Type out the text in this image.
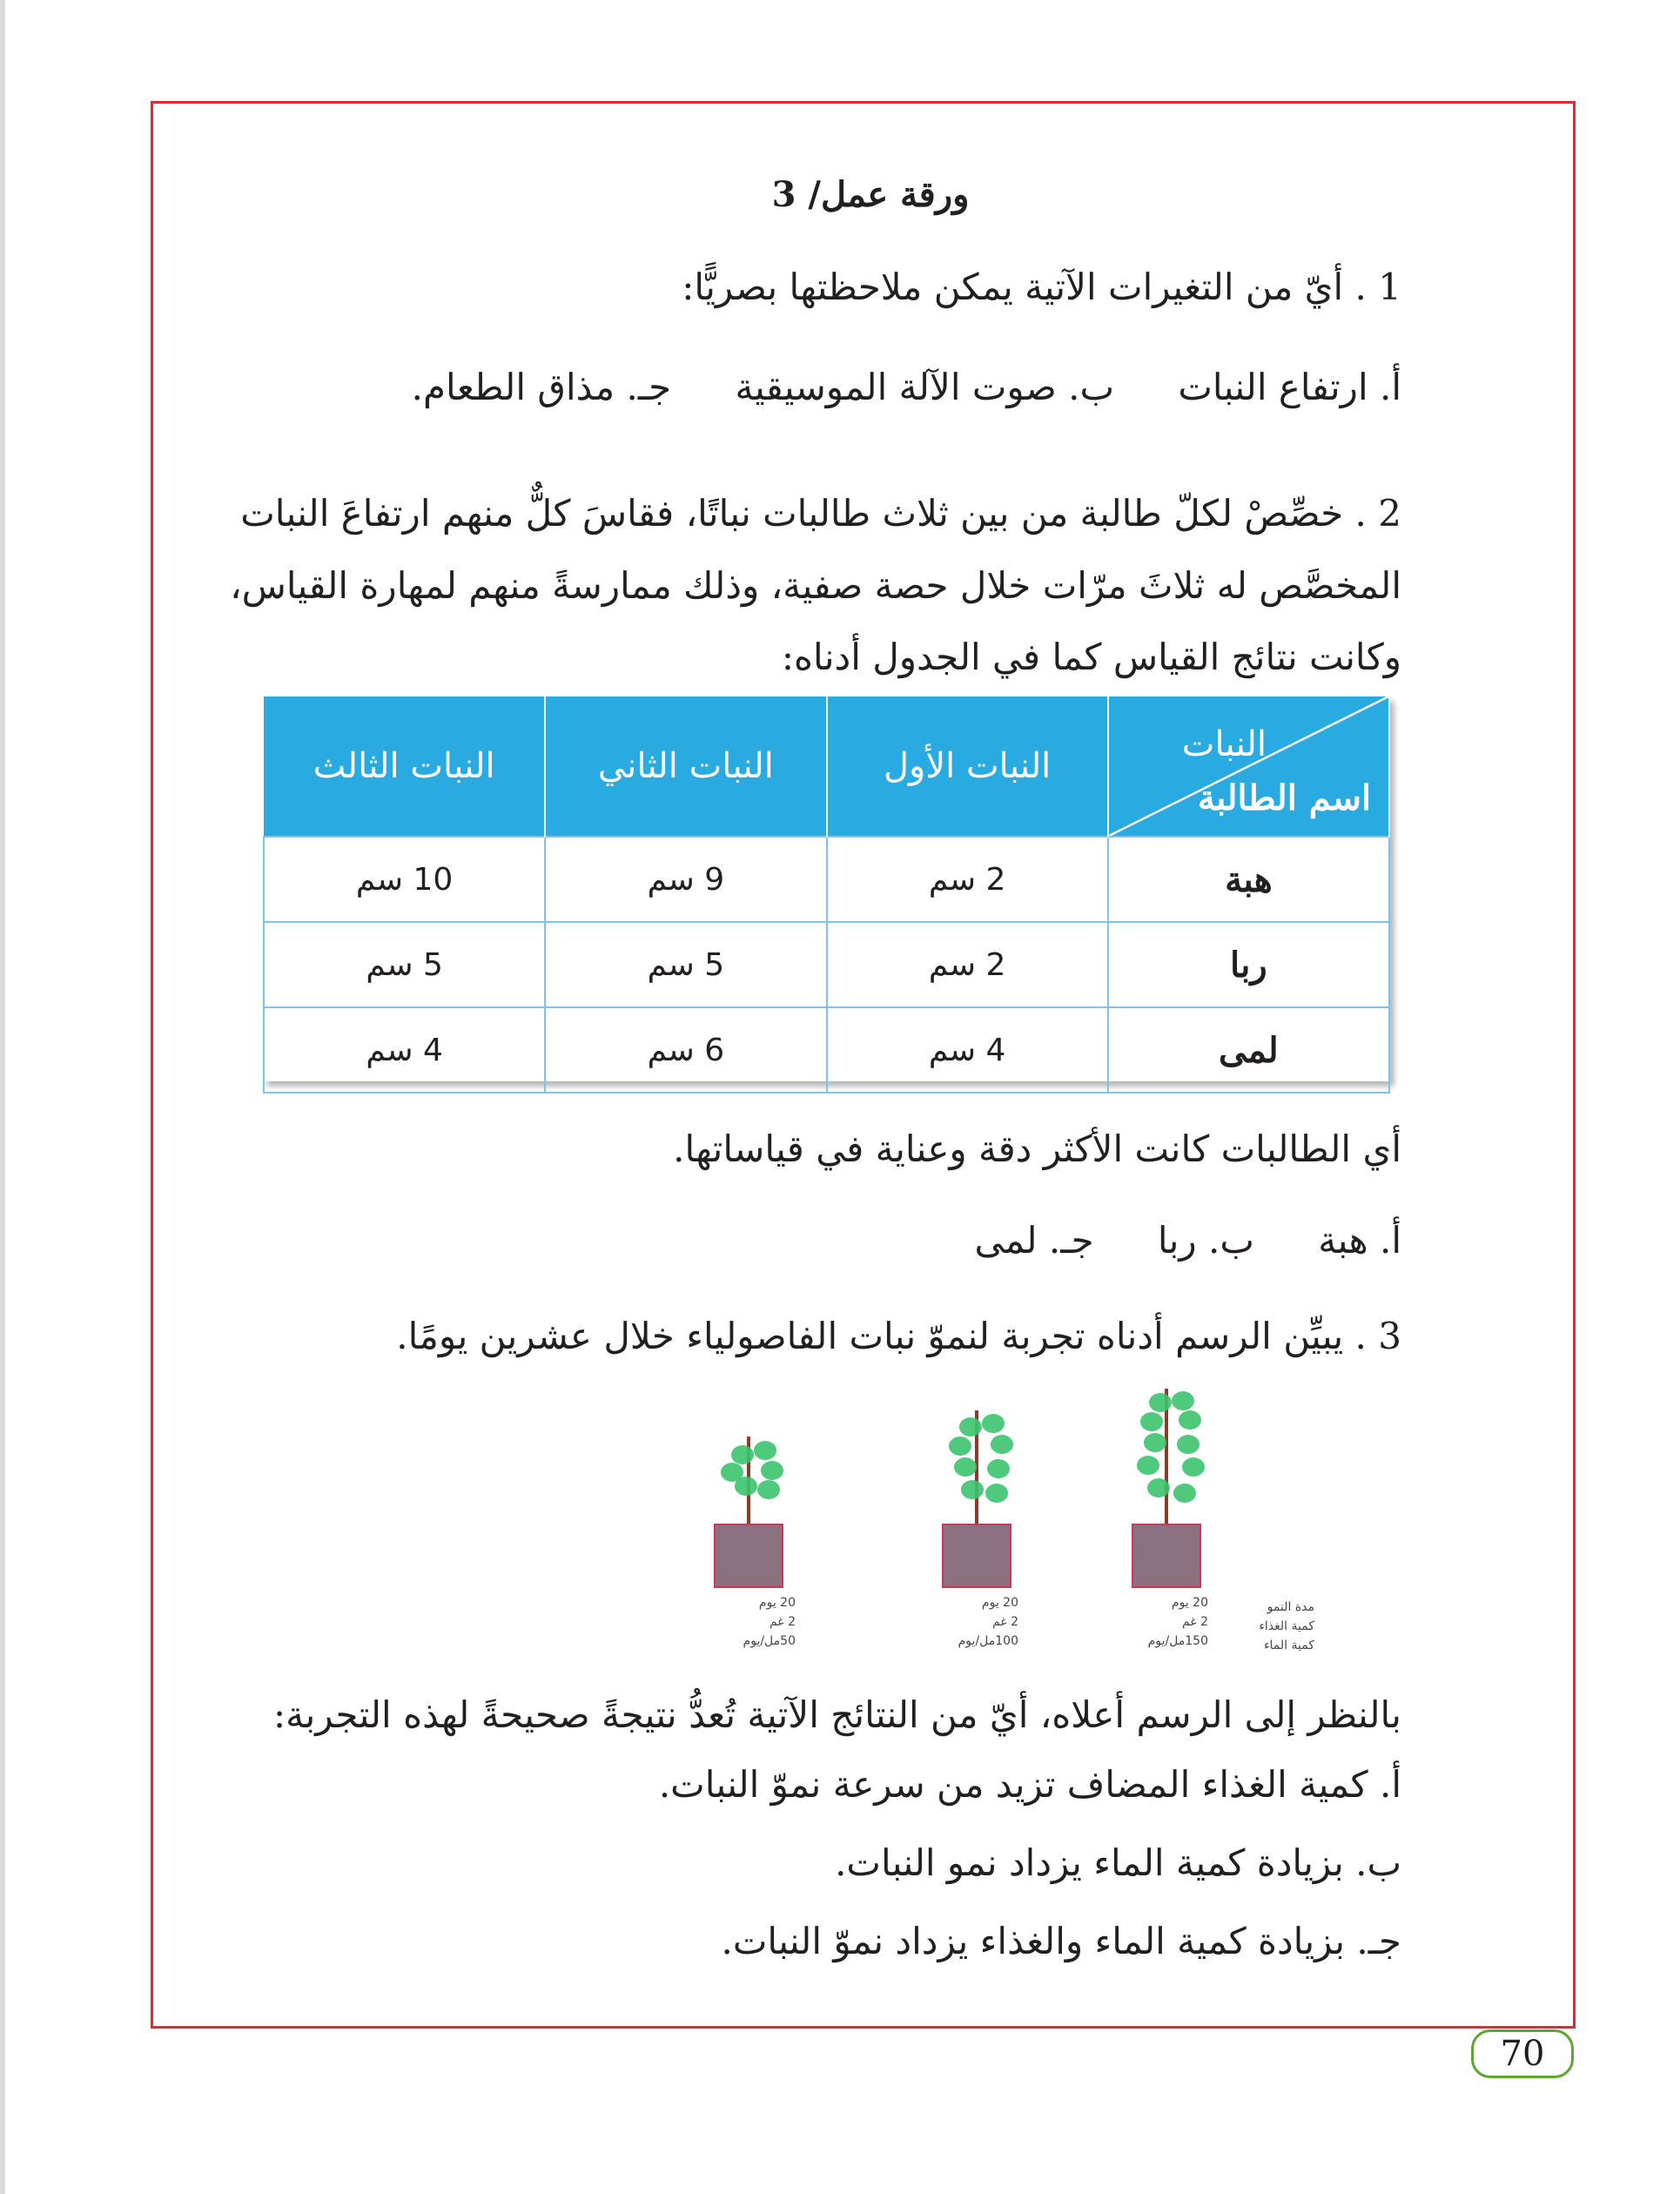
ورقة عمل/ 3
1 . أيّ من التغيرات الآتية يمكن ملاحظتها بصريًّا:
أ. ارتفاع النبات ب. صوت الآلة الموسيقية جـ. مذاق الطعام.
2 . خصِّصْ لكلّ طالبة من بين ثلاث طالبات نباتًا، فقاسَ كلٌّ منهم ارتفاعَ النبات
المخصَّص له ثلاثَ مرّات خلال حصة صفية، وذلك ممارسةً منهم لمهارة القياس،
وكانت نتائج القياس كما في الجدول أدناه:
النبات
اسم الطالبة	النبات الأول	النبات الثاني	النبات الثالث
هبة	2 سم	9 سم	10 سم
ربا	2 سم	5 سم	5 سم
لمى	4 سم	6 سم	4 سم
أي الطالبات كانت الأكثر دقة وعناية في قياساتها.
أ. هبة ب. ربا جـ. لمى
3 . يبيِّن الرسم أدناه تجربة لنموّ نبات الفاصولياء خلال عشرين يومًا.
20 يوم
2 غم
50مل/يوم
20 يوم
2 غم
100مل/يوم
20 يوم
2 غم
150مل/يوم
مدة النمو
كمية الغذاء
كمية الماء
بالنظر إلى الرسم أعلاه، أيّ من النتائج الآتية تُعدُّ نتيجةً صحيحةً لهذه التجربة:
أ. كمية الغذاء المضاف تزيد من سرعة نموّ النبات.
ب. بزيادة كمية الماء يزداد نمو النبات.
جـ. بزيادة كمية الماء والغذاء يزداد نموّ النبات.
70
